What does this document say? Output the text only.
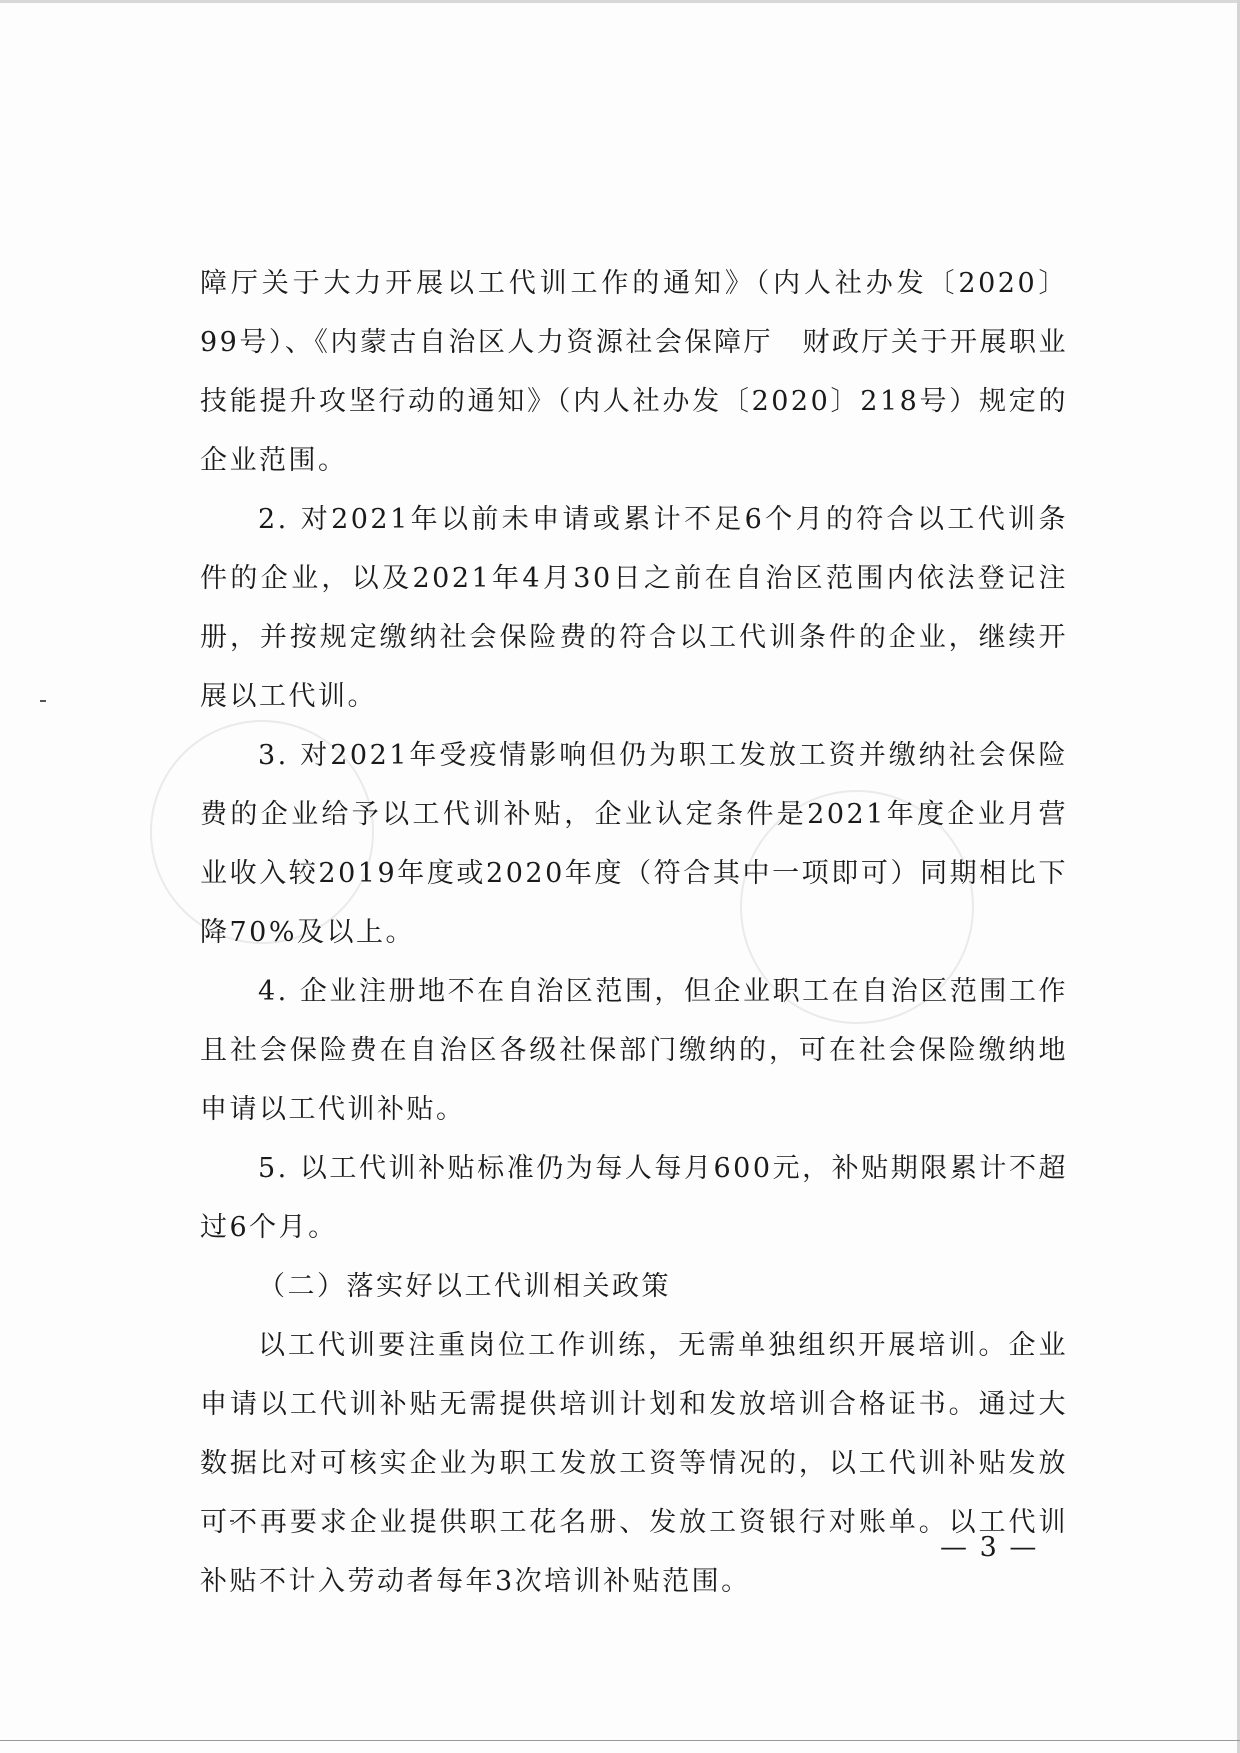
障厅关于大力开展以工代训工作的通知》（内人社办发〔2020〕99号）、《内蒙古自治区人力资源社会保障厅　财政厅关于开展职业技能提升攻坚行动的通知》（内人社办发〔2020〕218号）规定的企业范围。

2. 对2021年以前未申请或累计不足6个月的符合以工代训条件的企业，以及2021年4月30日之前在自治区范围内依法登记注册，并按规定缴纳社会保险费的符合以工代训条件的企业，继续开展以工代训。

3. 对2021年受疫情影响但仍为职工发放工资并缴纳社会保险费的企业给予以工代训补贴，企业认定条件是2021年度企业月营业收入较2019年度或2020年度（符合其中一项即可）同期相比下降70%及以上。

4. 企业注册地不在自治区范围，但企业职工在自治区范围工作且社会保险费在自治区各级社保部门缴纳的，可在社会保险缴纳地申请以工代训补贴。

5. 以工代训补贴标准仍为每人每月600元，补贴期限累计不超过6个月。

（二）落实好以工代训相关政策

以工代训要注重岗位工作训练，无需单独组织开展培训。企业申请以工代训补贴无需提供培训计划和发放培训合格证书。通过大数据比对可核实企业为职工发放工资等情况的，以工代训补贴发放可不再要求企业提供职工花名册、发放工资银行对账单。以工代训补贴不计入劳动者每年3次培训补贴范围。

— 3 —
